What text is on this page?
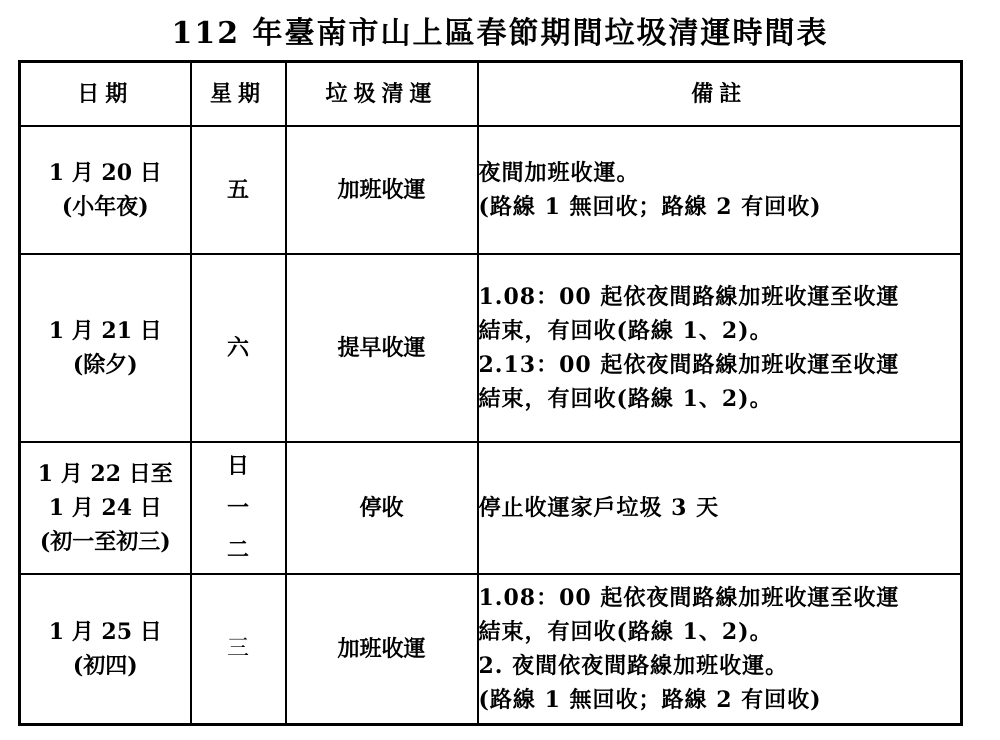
112 年臺南市山上區春節期間垃圾清運時間表
日期	星期	垃圾清運	備註

1 月 20 日
(小年夜)	五	加班收運	夜間加班收運。
(路線 1 無回收；路線 2 有回收)

1 月 21 日
(除夕)	六	提早收運	1.08：00 起依夜間路線加班收運至收運
結束，有回收(路線 1、2)。
2.13：00 起依夜間路線加班收運至收運
結束，有回收(路線 1、2)。

1 月 22 日至
1 月 24 日
(初一至初三)	日
一
二	停收	停止收運家戶垃圾 3 天

1 月 25 日
(初四)	三	加班收運	1.08：00 起依夜間路線加班收運至收運
結束，有回收(路線 1、2)。
2. 夜間依夜間路線加班收運。
(路線 1 無回收；路線 2 有回收)
